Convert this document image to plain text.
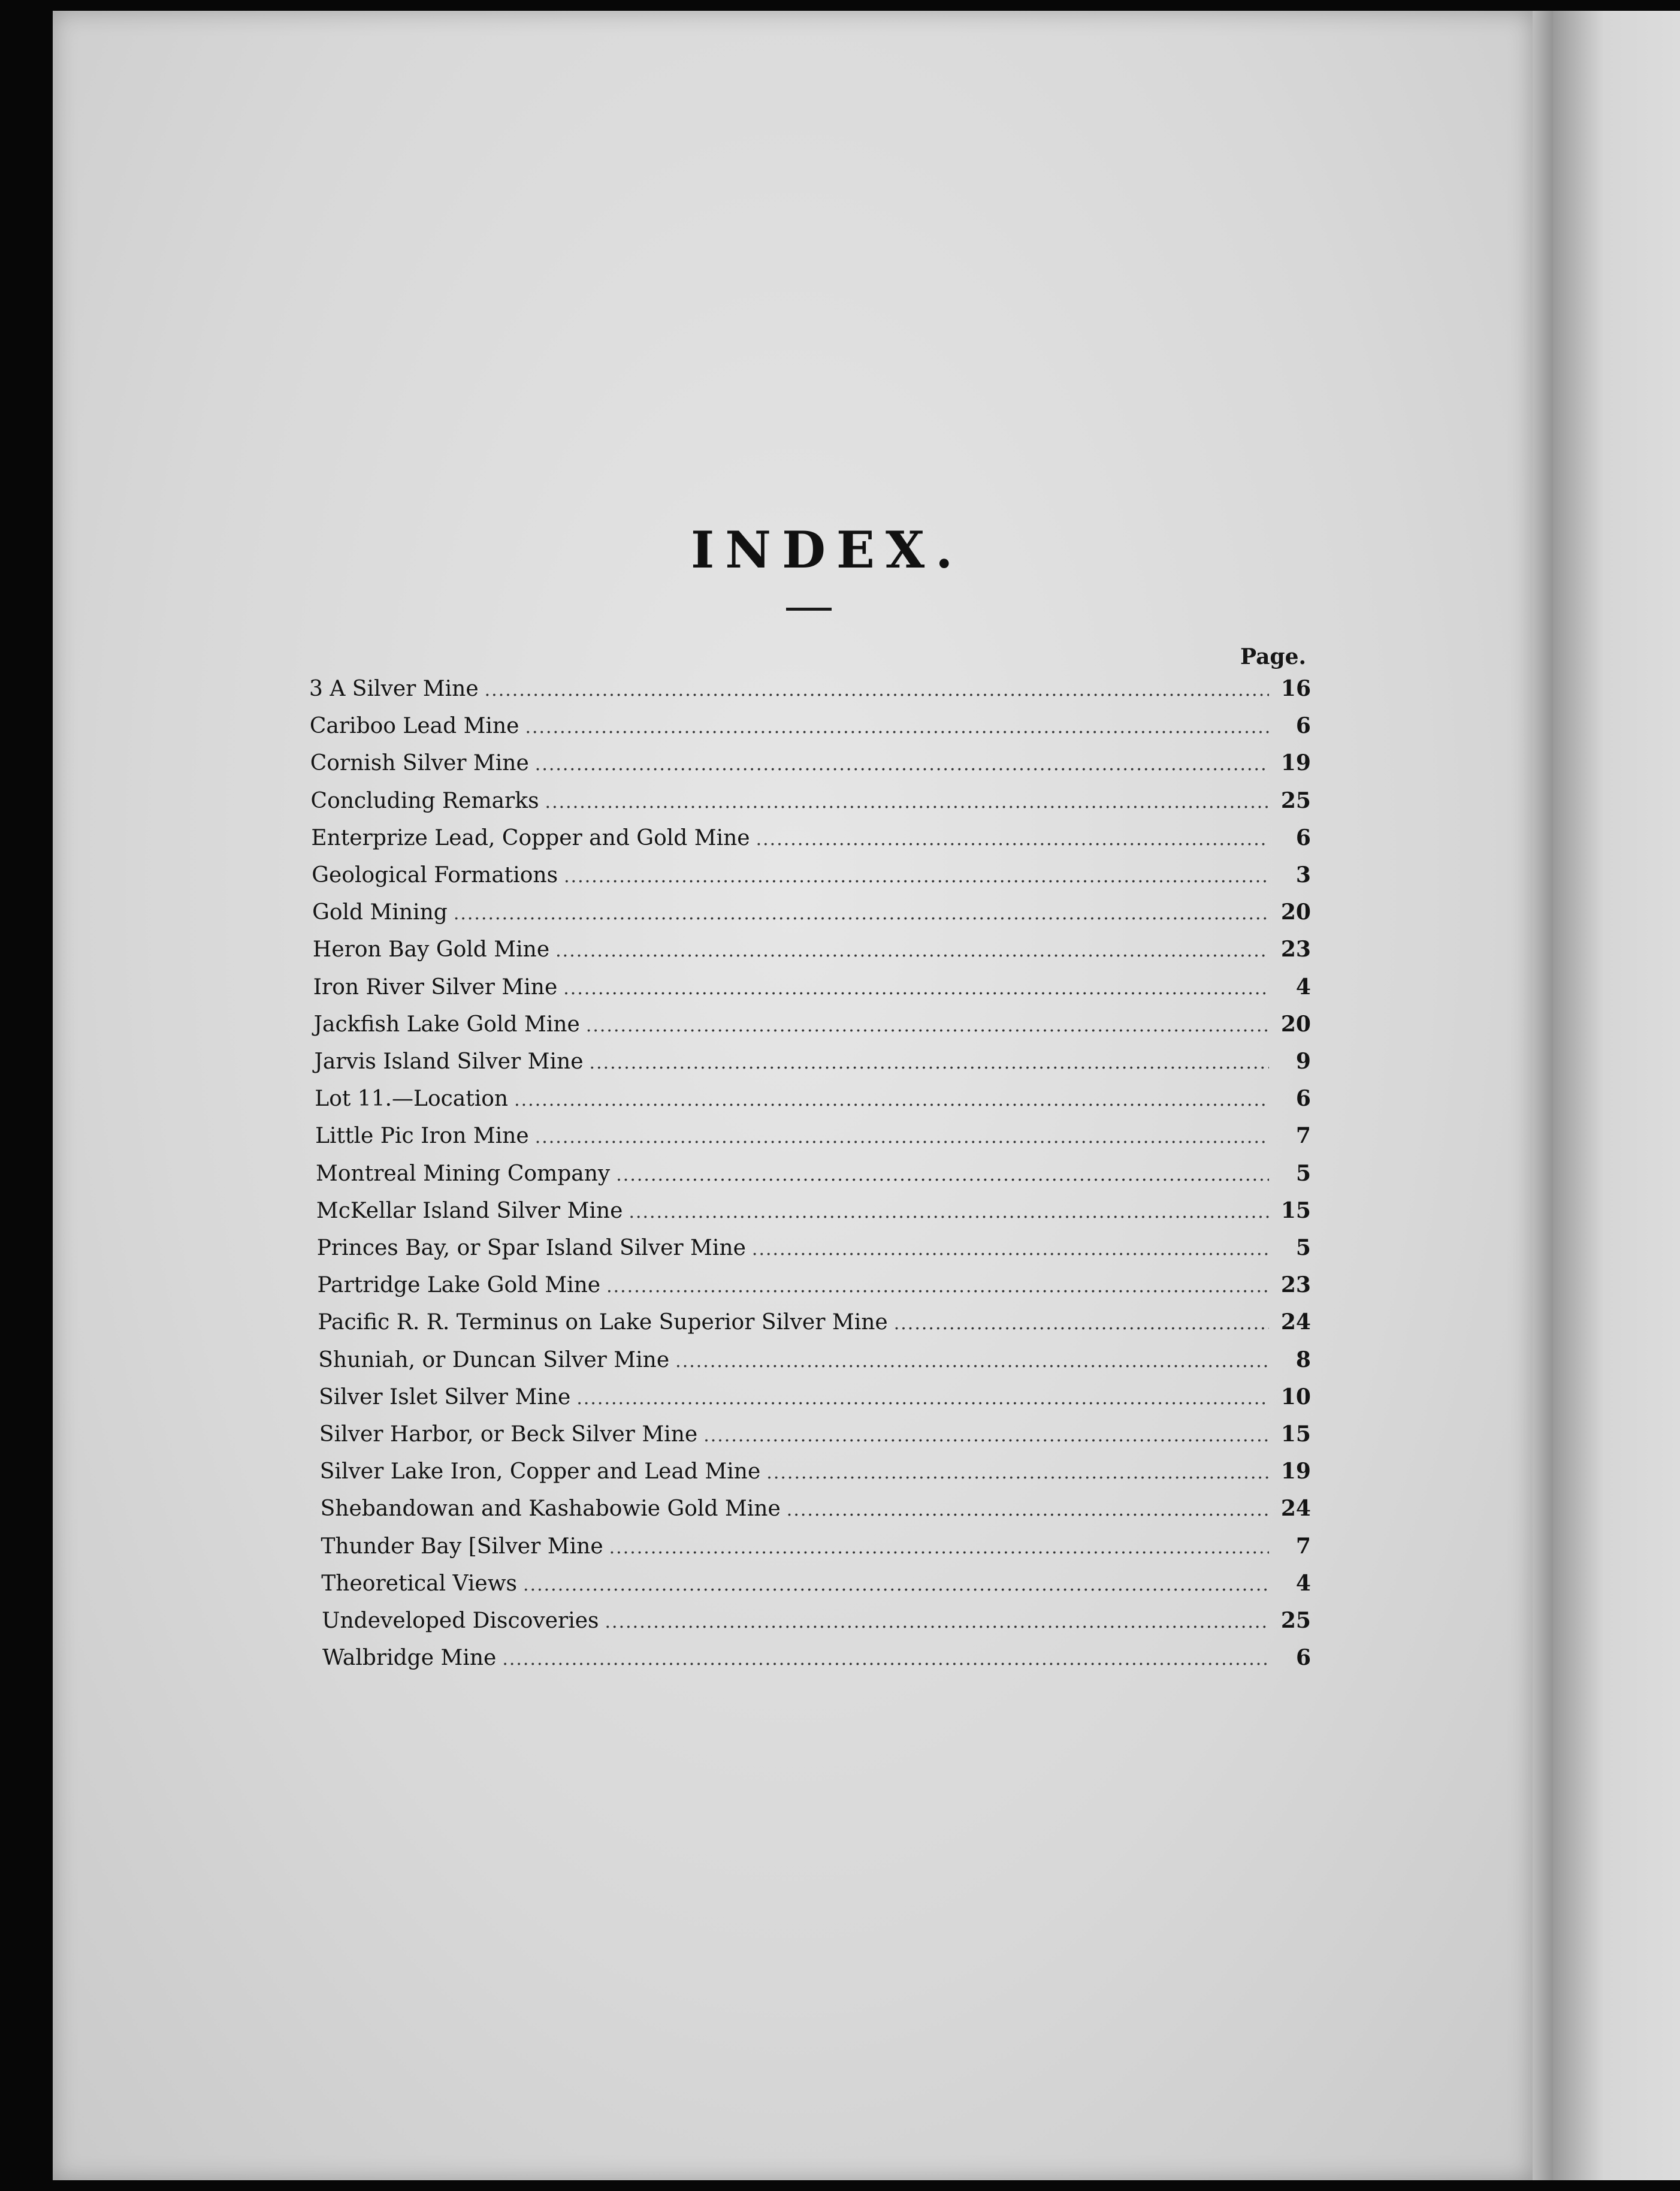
INDEX.
Page.
3 A Silver Mine .....	16
Cariboo Lead Mine .....	6
Cornish Silver Mine .....	19
Concluding Remarks .....	25
Enterprize Lead, Copper and Gold Mine .....	6
Geological Formations .....	3
Gold Mining .....	20
Heron Bay Gold Mine .....	23
Iron River Silver Mine .....	4
Jackfish Lake Gold Mine .....	20
Jarvis Island Silver Mine .....	9
Lot 11.—Location .....	6
Little Pic Iron Mine .....	7
Montreal Mining Company .....	5
McKellar Island Silver Mine .....	15
Princes Bay, or Spar Island Silver Mine .....	5
Partridge Lake Gold Mine .....	23
Pacific R. R. Terminus on Lake Superior Silver Mine .....	24
Shuniah, or Duncan Silver Mine .....	8
Silver Islet Silver Mine .....	10
Silver Harbor, or Beck Silver Mine .....	15
Silver Lake Iron, Copper and Lead Mine .....	19
Shebandowan and Kashabowie Gold Mine .....	24
Thunder Bay [Silver Mine .....	7
Theoretical Views .....	4
Undeveloped Discoveries .....	25
Walbridge Mine .....	6
